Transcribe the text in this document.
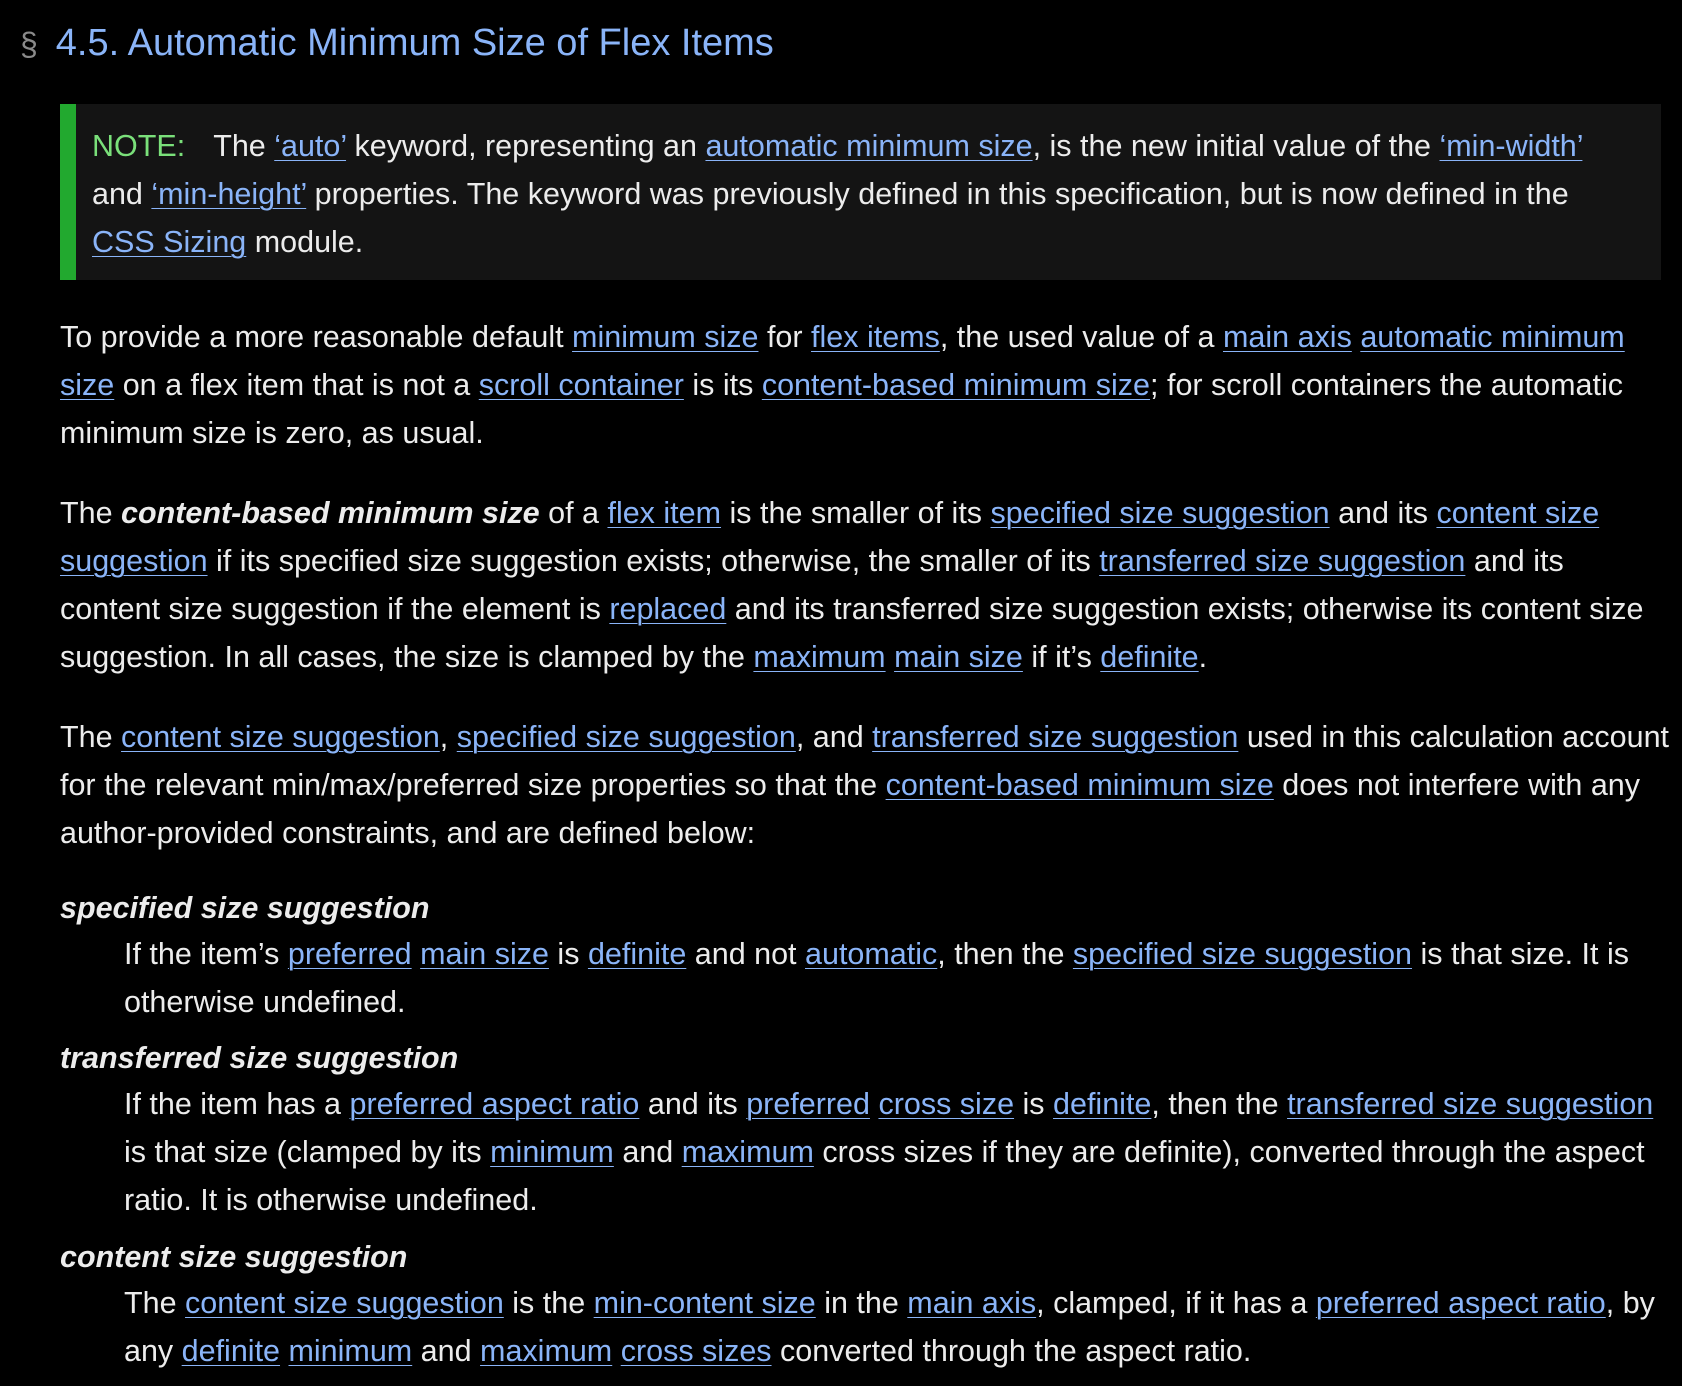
§ 4.5. Automatic Minimum Size of Flex Items
NOTE: The ‘auto’ keyword, representing an automatic minimum size, is the new initial value of the ‘min-width’ and ‘min-height’ properties. The keyword was previously defined in this specification, but is now defined in the CSS Sizing module.

To provide a more reasonable default minimum size for flex items, the used value of a main axis automatic minimum size on a flex item that is not a scroll container is its content-based minimum size; for scroll containers the automatic minimum size is zero, as usual.

The content-based minimum size of a flex item is the smaller of its specified size suggestion and its content size suggestion if its specified size suggestion exists; otherwise, the smaller of its transferred size suggestion and its content size suggestion if the element is replaced and its transferred size suggestion exists; otherwise its content size suggestion. In all cases, the size is clamped by the maximum main size if it’s definite.

The content size suggestion, specified size suggestion, and transferred size suggestion used in this calculation account for the relevant min/max/preferred size properties so that the content-based minimum size does not interfere with any author-provided constraints, and are defined below:

specified size suggestion
If the item’s preferred main size is definite and not automatic, then the specified size suggestion is that size. It is otherwise undefined.
transferred size suggestion
If the item has a preferred aspect ratio and its preferred cross size is definite, then the transferred size suggestion is that size (clamped by its minimum and maximum cross sizes if they are definite), converted through the aspect ratio. It is otherwise undefined.
content size suggestion
The content size suggestion is the min-content size in the main axis, clamped, if it has a preferred aspect ratio, by any definite minimum and maximum cross sizes converted through the aspect ratio.
